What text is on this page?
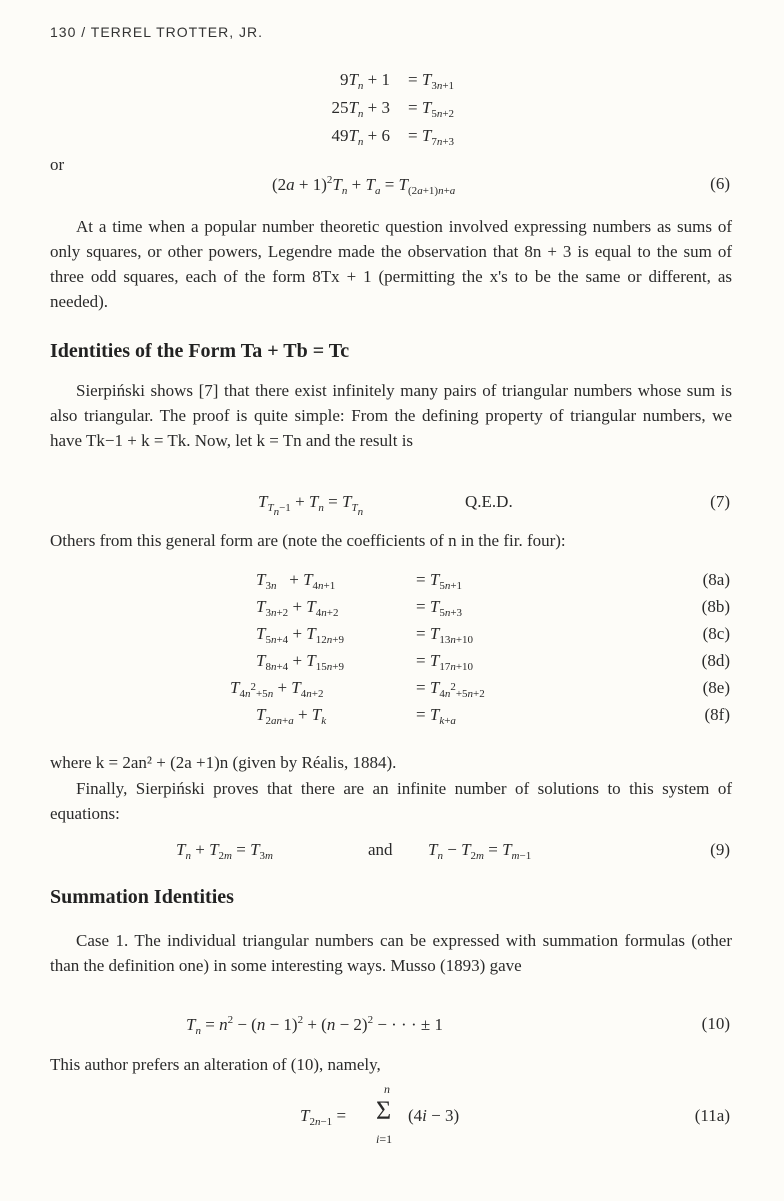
130 / TERREL TROTTER, JR.
$9T_n + 1 = T_{3n+1}$
$25T_n + 3 = T_{5n+2}$
$49T_n + 6 = T_{7n+3}$
or
$(2a + 1)^2T_n + T_a = T_{(2a+1)n+a}$	(6)
At a time when a popular number theoretic question involved expressing numbers as sums of only squares, or other powers, Legendre made the observation that 8n + 3 is equal to the sum of three odd squares, each of the form 8Tx + 1 (permitting the x's to be the same or different, as needed).
Identities of the Form Ta + Tb = Tc
Sierpiński shows [7] that there exist infinitely many pairs of triangular numbers whose sum is also triangular. The proof is quite simple: From the defining property of triangular numbers, we have Tk−1 + k = Tk. Now, let k = Tn and the result is
$T_{T_n-1} + T_n = T_{T_n}$
Q.E.D.	(7)
Others from this general form are (note the coefficients of n in the fir. four):
$T_{3n} + T_{4n+1}$	= $T_{5n+1}$	(8a)
$T_{3n+2} + T_{4n+2}$	= $T_{5n+3}$	(8b)
$T_{5n+4} + T_{12n+9}$	= $T_{13n+10}$	(8c)
$T_{8n+4} + T_{15n+9}$	= $T_{17n+10}$	(8d)
$T_{4n^2+5n} + T_{4n+2}$	= $T_{4n^2+5n+2}$	(8e)
$T_{2an+a} + T_k$	= $T_{k+a}$	(8f)
where k = 2an² + (2a +1)n (given by Réalis, 1884).
Finally, Sierpiński proves that there are an infinite number of solutions to this system of equations:
$T_n + T_{2m} = T_{3m}$	and $T_n - T_{2m} = T_{m-1}$	(9)
Summation Identities
Case 1. The individual triangular numbers can be expressed with summation formulas (other than the definition one) in some interesting ways. Musso (1893) gave
$T_n = n^2 - (n - 1)^2 + (n - 2)^2$ − · · · ± 1	(10)
This author prefers an alteration of (10), namely,
n
$T_{2n-1} = \Sigma$ (4i − 3)
i=1
(11a)
